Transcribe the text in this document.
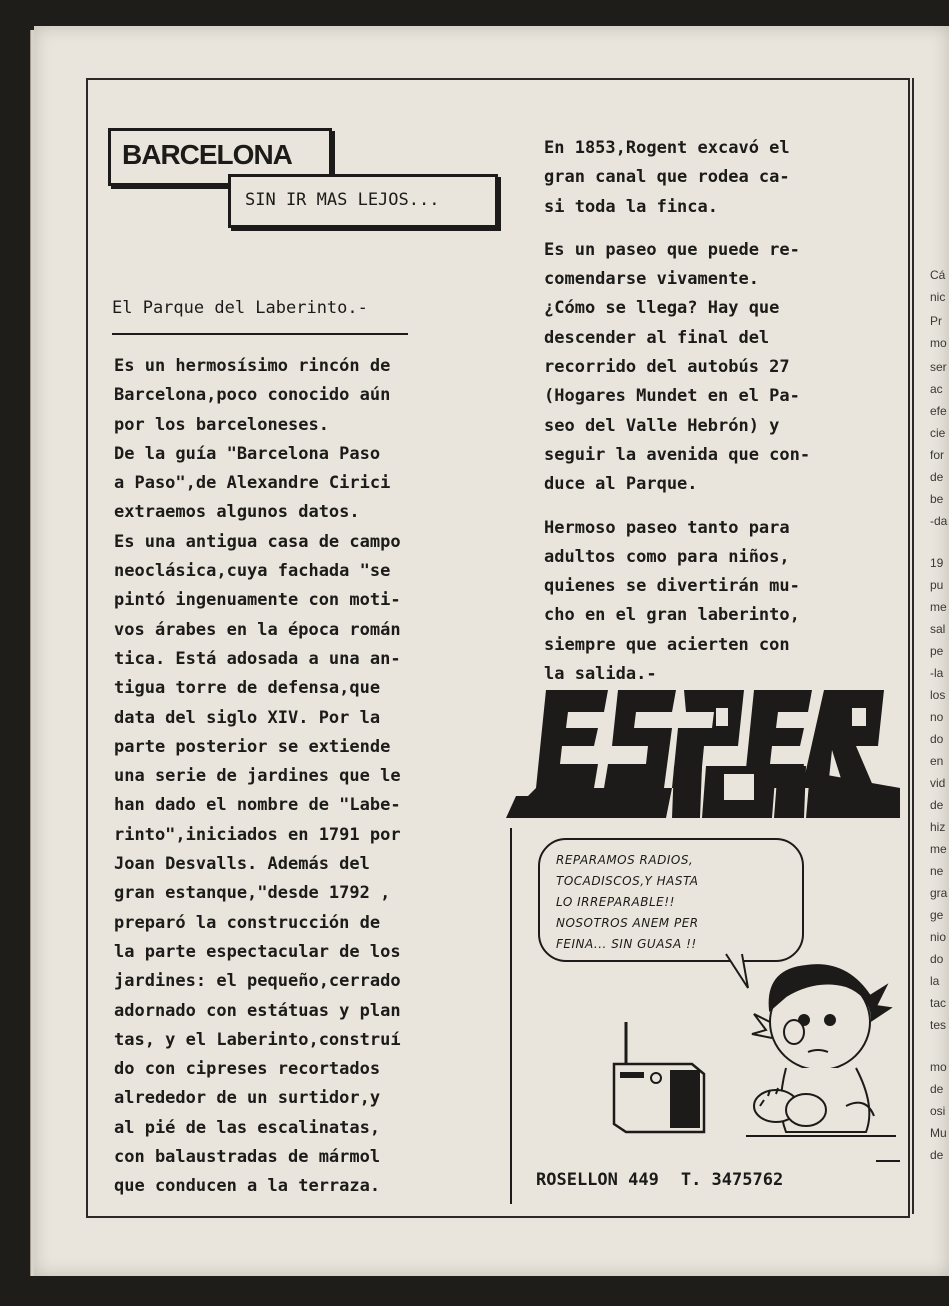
BARCELONA
SIN IR MAS LEJOS...
El Parque del Laberinto.-
Es un hermosísimo rincón de
Barcelona,poco conocido aún
por los barceloneses.
De la guía "Barcelona Paso
a Paso",de Alexandre Cirici
extraemos algunos datos.
Es una antigua casa de campo
neoclásica,cuya fachada "se
pintó ingenuamente con moti-
vos árabes en la época román
tica. Está adosada a una an-
tigua torre de defensa,que
data del siglo XIV. Por la
parte posterior se extiende
una serie de jardines que le
han dado el nombre de "Labe-
rinto",iniciados en 1791 por
Joan Desvalls. Además del
gran estanque,"desde 1792 ,
preparó la construcción de
la parte espectacular de los
jardines: el pequeño,cerrado
adornado con estátuas y plan
tas, y el Laberinto,construí
do con cipreses recortados
alrededor de un surtidor,y
al pié de las escalinatas,
con balaustradas de mármol
que conducen a la terraza.

En 1853,Rogent excavó el
gran canal que rodea ca-
si toda la finca.

Es un paseo que puede re-
comendarse vivamente.
¿Cómo se llega? Hay que
descender al final del
recorrido del autobús 27
(Hogares Mundet en el Pa-
seo del Valle Hebrón) y
seguir la avenida que con-
duce al Parque.

Hermoso paseo tanto para
adultos como para niños,
quienes se divertirán mu-
cho en el gran laberinto,
siempre que acierten con
la salida.-

REPARAMOS RADIOS,
TOCADISCOS,Y HASTA
LO IRREPARABLE!!
NOSOTROS ANEM PER
FEINA... SIN GUASA !!
ROSELLON 449 T. 3475762
Cá
nic
Pr
mo
ser
ac
efe
cie
for
de
be
-da
19
pu
me
sal
pe
-la
los
no
do
en
vid
de
hiz
me
ne
gra
ge
nio
do
la
tac
tes
mo
de
osi
Mu
de
